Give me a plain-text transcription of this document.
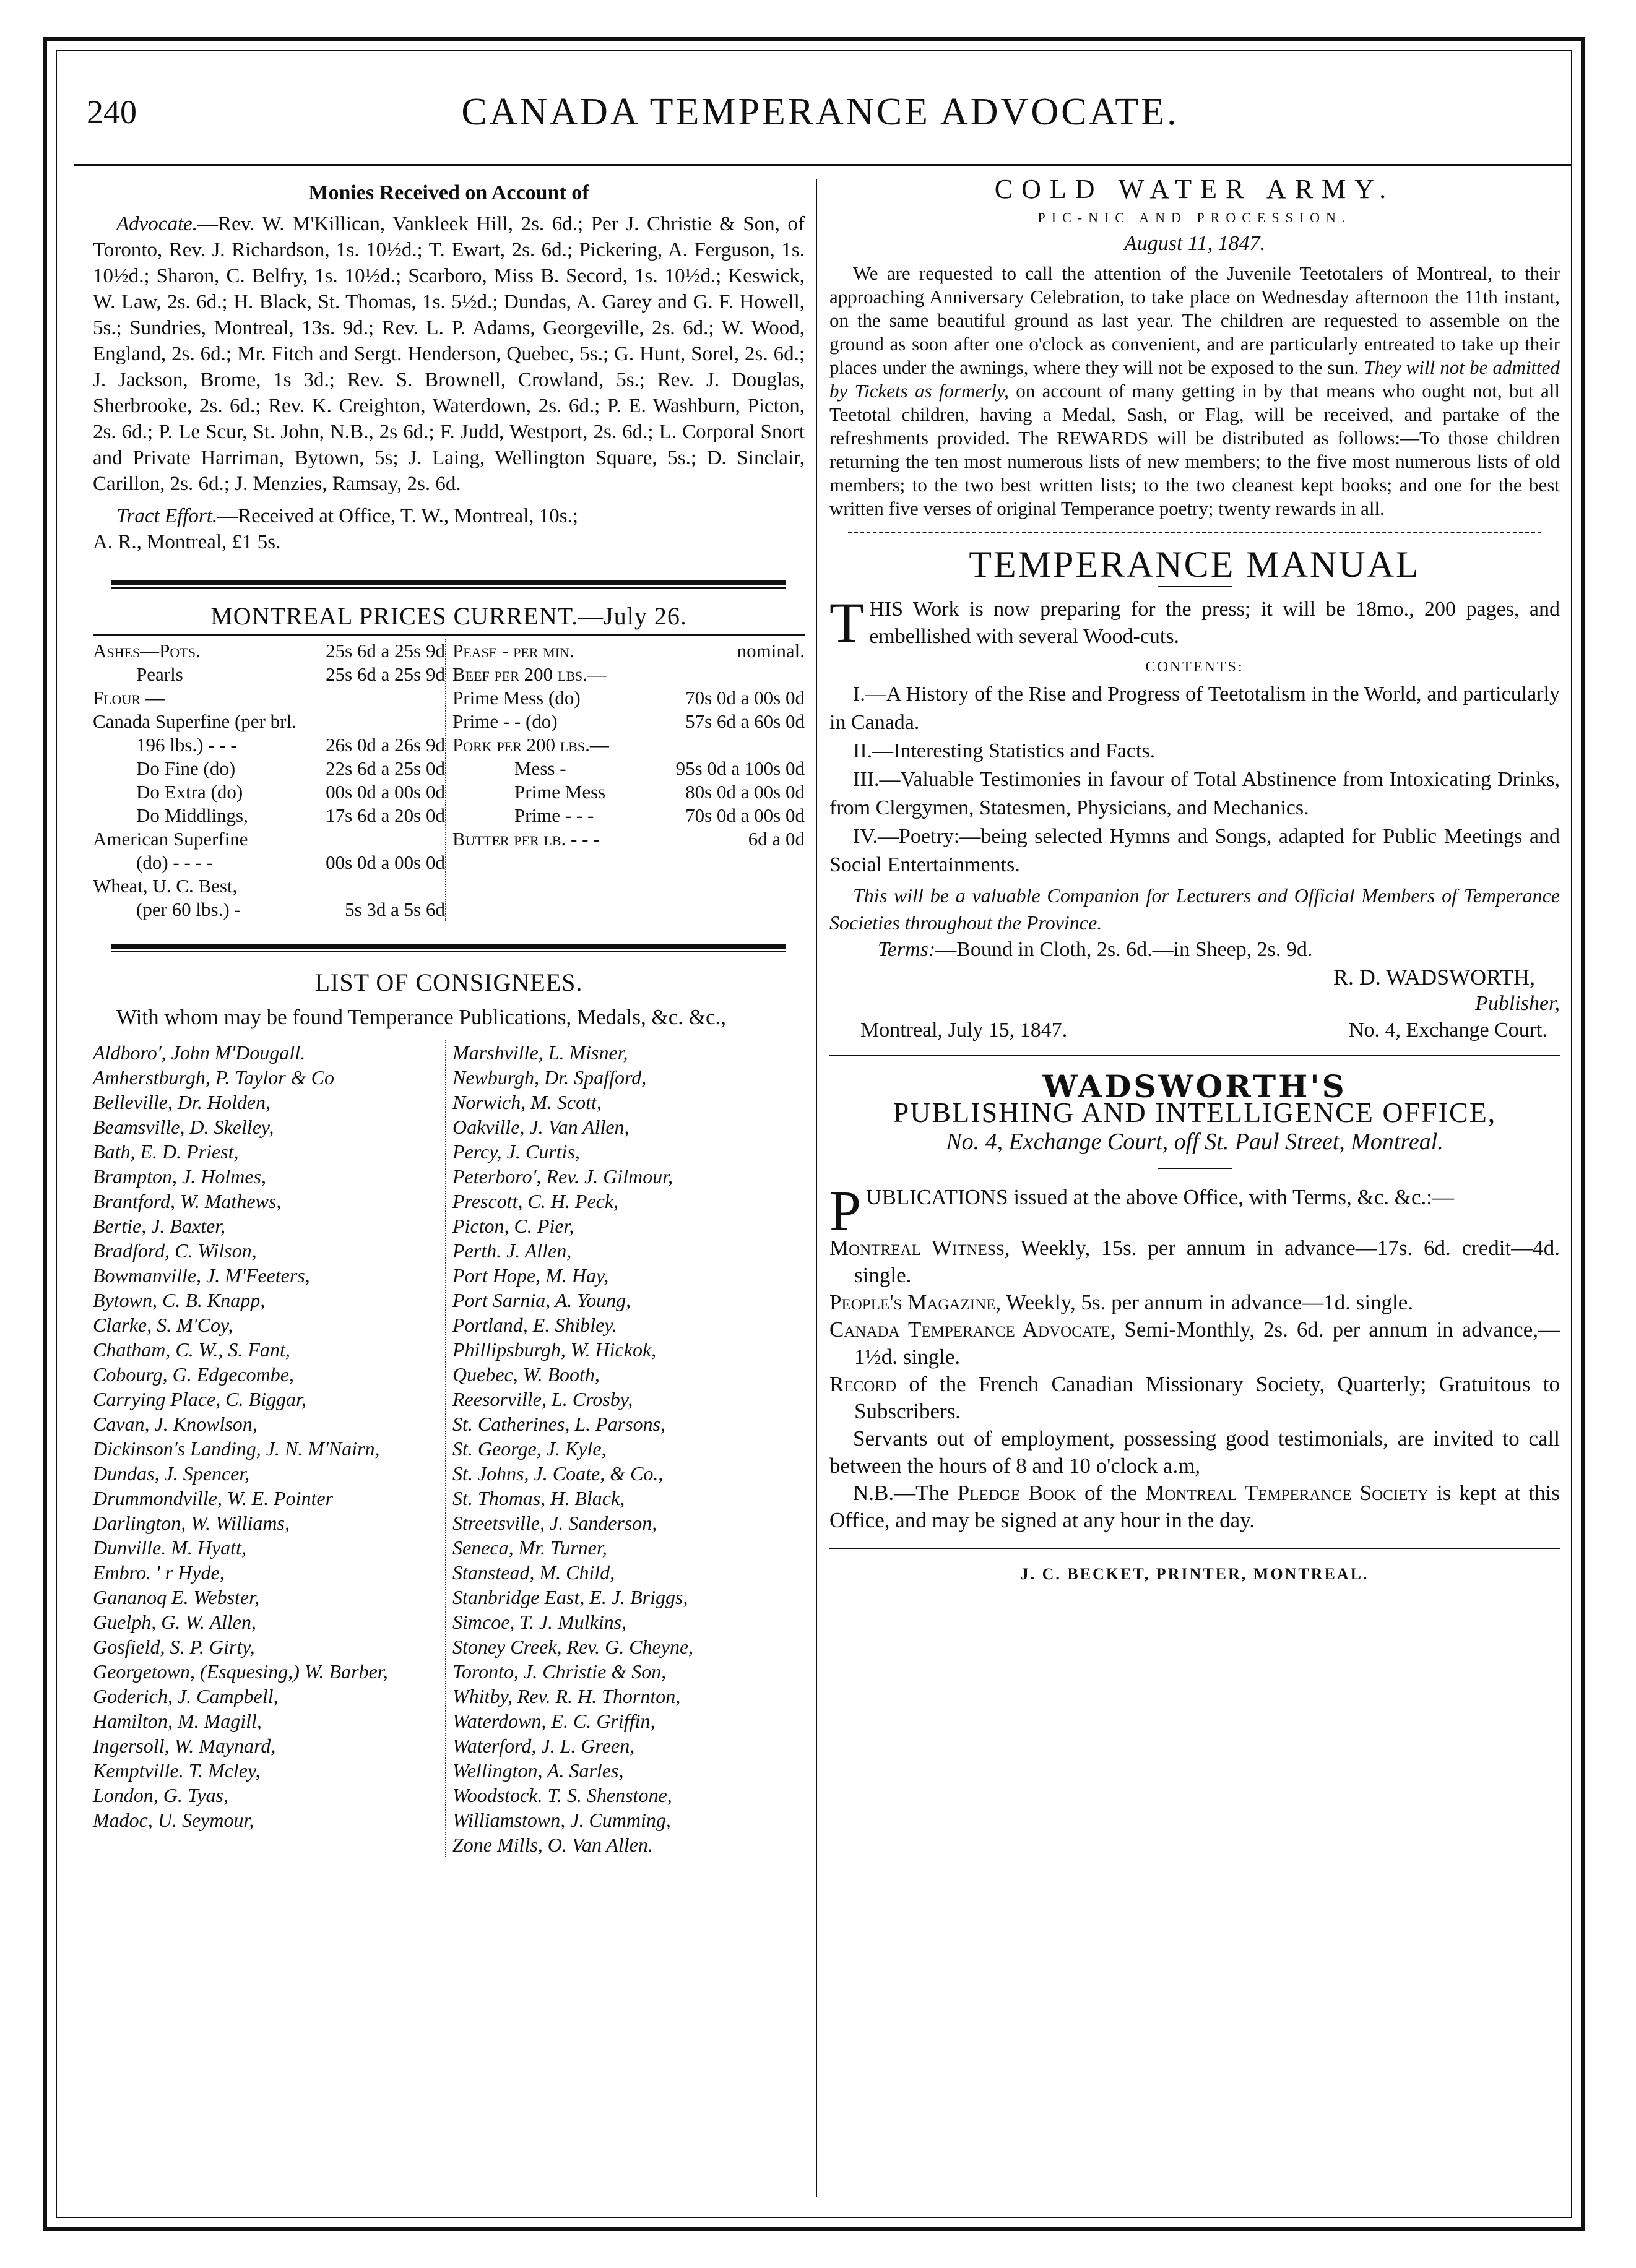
240	CANADA TEMPERANCE ADVOCATE.

Monies Received on Account of

Advocate.—Rev. W. M'Killican, Vankleek Hill, 2s. 6d.; Per J. Christie & Son, of Toronto, Rev. J. Richardson, 1s. 10½d.; T. Ewart, 2s. 6d.; Pickering, A. Ferguson, 1s. 10½d.; Sharon, C. Belfry, 1s. 10½d.; Scarboro, Miss B. Secord, 1s. 10½d.; Keswick, W. Law, 2s. 6d.; H. Black, St. Thomas, 1s. 5½d.; Dundas, A. Garey and G. F. Howell, 5s.; Sundries, Montreal, 13s. 9d.; Rev. L. P. Adams, Georgeville, 2s. 6d.; W. Wood, England, 2s. 6d.; Mr. Fitch and Sergt. Henderson, Quebec, 5s.; G. Hunt, Sorel, 2s. 6d.; J. Jackson, Brome, 1s 3d.; Rev. S. Brownell, Crowland, 5s.; Rev. J. Douglas, Sherbrooke, 2s. 6d.; Rev. K. Creighton, Waterdown, 2s. 6d.; P. E. Washburn, Picton, 2s. 6d.; P. Le Scur, St. John, N.B., 2s 6d.; F. Judd, Westport, 2s. 6d.; L. Corporal Snort and Private Harriman, Bytown, 5s; J. Laing, Wellington Square, 5s.; D. Sinclair, Carillon, 2s. 6d.; J. Menzies, Ramsay, 2s. 6d.

Tract Effort.—Received at Office, T. W., Montreal, 10s.;
A. R., Montreal, £1 5s.

MONTREAL PRICES CURRENT.—July 26.

Ashes—Pots.	25s 6d a 25s 9d
Pearls	25s 6d a 25s 9d
Flour —
Canada Superfine (per brl.
196 lbs.) - - -	26s 0d a 26s 9d
Do Fine (do)	22s 6d a 25s 0d
Do Extra (do)	00s 0d a 00s 0d
Do Middlings,	17s 6d a 20s 0d
American Superfine
(do) - - - -	00s 0d a 00s 0d
Wheat, U. C. Best,
(per 60 lbs.) -	5s 3d a 5s 6d
Pease - per min.	nominal.
Beef per 200 lbs.—
Prime Mess (do)	70s 0d a 00s 0d
Prime - - (do)	57s 6d a 60s 0d
Pork per 200 lbs.—
Mess -	95s 0d a 100s 0d
Prime Mess	80s 0d a 00s 0d
Prime - - -	70s 0d a 00s 0d
Butter per lb. - - -	6d a 0d

LIST OF CONSIGNEES.

With whom may be found Temperance Publications, Medals, &c. &c.,

Aldboro', John M'Dougall.
Amherstburgh, P. Taylor & Co
Belleville, Dr. Holden,
Beamsville, D. Skelley,
Bath, E. D. Priest,
Brampton, J. Holmes,
Brantford, W. Mathews,
Bertie, J. Baxter,
Bradford, C. Wilson,
Bowmanville, J. M'Feeters,
Bytown, C. B. Knapp,
Clarke, S. M'Coy,
Chatham, C. W., S. Fant,
Cobourg, G. Edgecombe,
Carrying Place, C. Biggar,
Cavan, J. Knowlson,
Dickinson's Landing, J. N. M'Nairn,
Dundas, J. Spencer,
Drummondville, W. E. Pointer
Darlington, W. Williams,
Dunville. M. Hyatt,
Embro. ' r Hyde,
Gananoq E. Webster,
Guelph, G. W. Allen,
Gosfield, S. P. Girty,
Georgetown, (Esquesing,) W. Barber,
Goderich, J. Campbell,
Hamilton, M. Magill,
Ingersoll, W. Maynard,
Kemptville. T. Mcley,
London, G. Tyas,
Madoc, U. Seymour,
Marshville, L. Misner,
Newburgh, Dr. Spafford,
Norwich, M. Scott,
Oakville, J. Van Allen,
Percy, J. Curtis,
Peterboro', Rev. J. Gilmour,
Prescott, C. H. Peck,
Picton, C. Pier,
Perth. J. Allen,
Port Hope, M. Hay,
Port Sarnia, A. Young,
Portland, E. Shibley.
Phillipsburgh, W. Hickok,
Quebec, W. Booth,
Reesorville, L. Crosby,
St. Catherines, L. Parsons,
St. George, J. Kyle,
St. Johns, J. Coate, & Co.,
St. Thomas, H. Black,
Streetsville, J. Sanderson,
Seneca, Mr. Turner,
Stanstead, M. Child,
Stanbridge East, E. J. Briggs,
Simcoe, T. J. Mulkins,
Stoney Creek, Rev. G. Cheyne,
Toronto, J. Christie & Son,
Whitby, Rev. R. H. Thornton,
Waterdown, E. C. Griffin,
Waterford, J. L. Green,
Wellington, A. Sarles,
Woodstock. T. S. Shenstone,
Williamstown, J. Cumming,
Zone Mills, O. Van Allen.

COLD WATER ARMY.

PIC-NIC AND PROCESSION.

August 11, 1847.

We are requested to call the attention of the Juvenile Teetotalers of Montreal, to their approaching Anniversary Celebration, to take place on Wednesday afternoon the 11th instant, on the same beautiful ground as last year. The children are requested to assemble on the ground as soon after one o'clock as convenient, and are particularly entreated to take up their places under the awnings, where they will not be exposed to the sun. They will not be admitted by Tickets as formerly, on account of many getting in by that means who ought not, but all Teetotal children, having a Medal, Sash, or Flag, will be received, and partake of the refreshments provided. The REWARDS will be distributed as follows:—To those children returning the ten most numerous lists of new members; to the five most numerous lists of old members; to the two best written lists; to the two cleanest kept books; and one for the best written five verses of original Temperance poetry; twenty rewards in all.

TEMPERANCE MANUAL

THIS Work is now preparing for the press; it will be 18mo., 200 pages, and embellished with several Wood-cuts.

CONTENTS:

I.—A History of the Rise and Progress of Teetotalism in the World, and particularly in Canada.

II.—Interesting Statistics and Facts.

III.—Valuable Testimonies in favour of Total Abstinence from Intoxicating Drinks, from Clergymen, Statesmen, Physicians, and Mechanics.

IV.—Poetry:—being selected Hymns and Songs, adapted for Public Meetings and Social Entertainments.

This will be a valuable Companion for Lecturers and Official Members of Temperance Societies throughout the Province.

Terms:—Bound in Cloth, 2s. 6d.—in Sheep, 2s. 9d.

R. D. WADSWORTH,

Publisher,

Montreal, July 15, 1847.	No. 4, Exchange Court.

WADSWORTH'S

PUBLISHING AND INTELLIGENCE OFFICE,

No. 4, Exchange Court, off St. Paul Street, Montreal.

PUBLICATIONS issued at the above Office, with Terms, &c. &c.:—

Montreal Witness, Weekly, 15s. per annum in advance—17s. 6d. credit—4d. single.

People's Magazine, Weekly, 5s. per annum in advance—1d. single.

Canada Temperance Advocate, Semi-Monthly, 2s. 6d. per annum in advance,—1½d. single.

Record of the French Canadian Missionary Society, Quarterly; Gratuitous to Subscribers.

Servants out of employment, possessing good testimonials, are invited to call between the hours of 8 and 10 o'clock a.m,

N.B.—The Pledge Book of the Montreal Temperance Society is kept at this Office, and may be signed at any hour in the day.

J. C. BECKET, PRINTER, MONTREAL.
